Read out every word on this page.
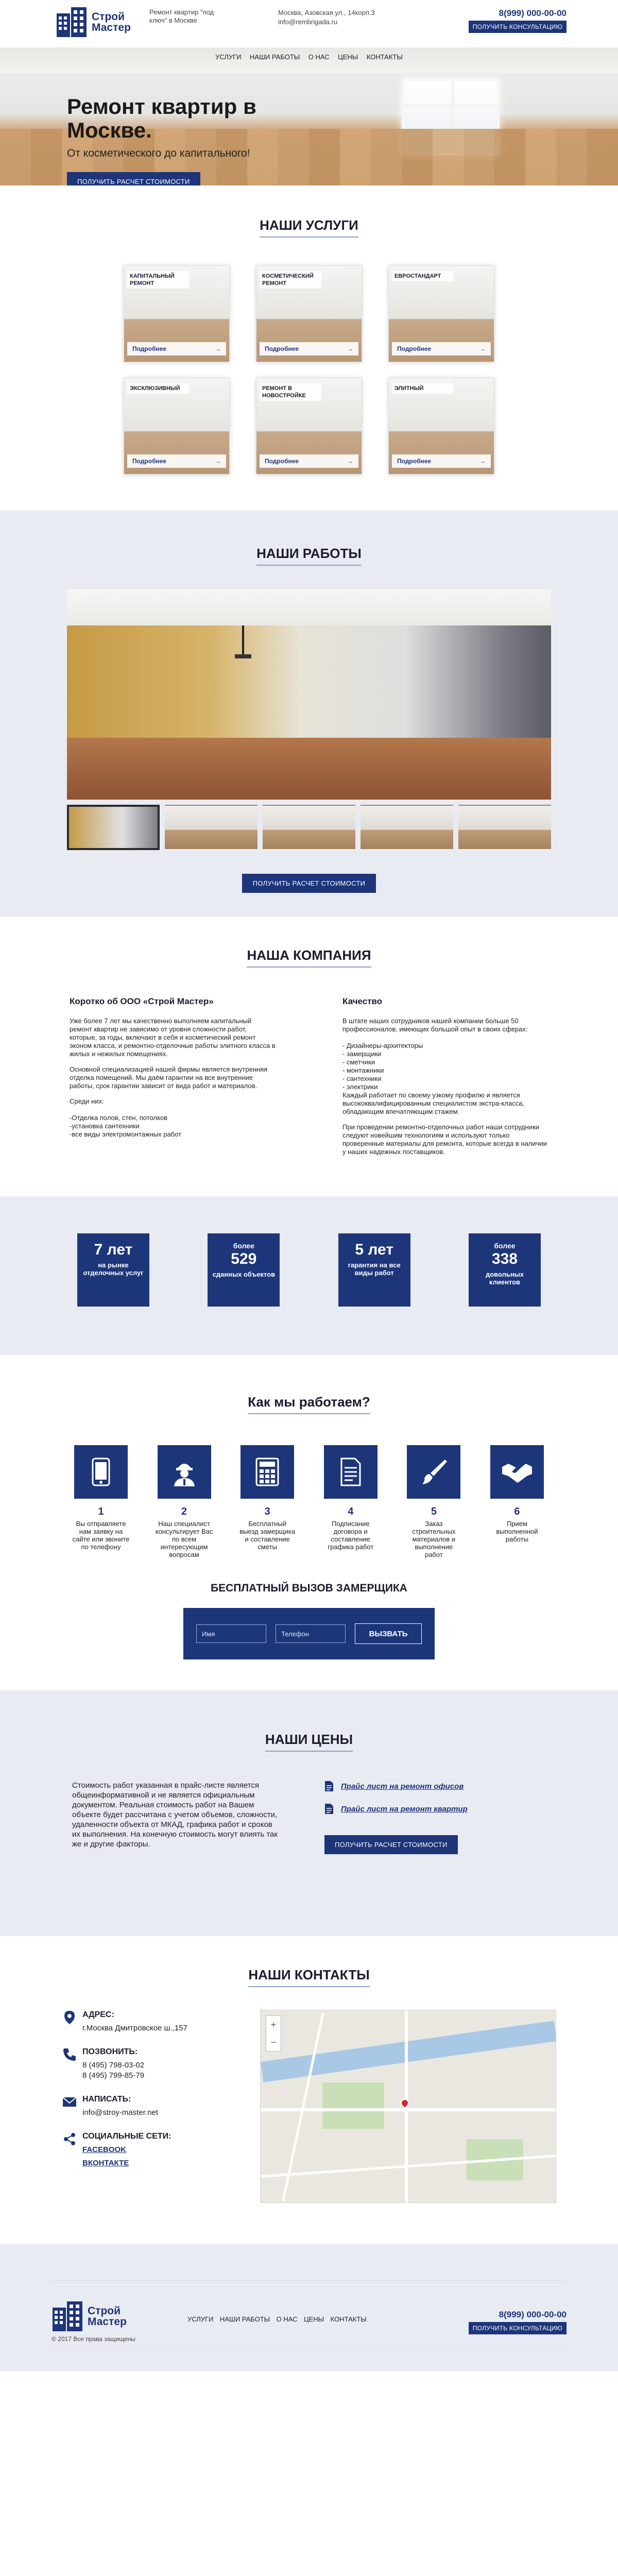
Строй
Мастер
Ремонт квартир "под ключ" в Москве
Москва, Азовская ул., 14корп.3
info@rembrigada.ru
8(999) 000-00-00
ПОЛУЧИТЬ КОНСУЛЬТАЦИЮ
УСЛУГИ НАШИ РАБОТЫ О НАС ЦЕНЫ КОНТАКТЫ
Ремонт квартир в Москве.

От косметического до капитального!

ПОЛУЧИТЬ РАСЧЕТ СТОИМОСТИ
НАШИ УСЛУГИ
КАПИТАЛЬНЫЙ РЕМОНТ
Подробнее	→
КОСМЕТИЧЕСКИЙ РЕМОНТ
Подробнее	→
ЕВРОСТАНДАРТ
Подробнее	→
ЭКСКЛЮЗИВНЫЙ
Подробнее	→
РЕМОНТ В НОВОСТРОЙКЕ
Подробнее	→
ЭЛИТНЫЙ
Подробнее	→
НАШИ РАБОТЫ
ПОЛУЧИТЬ РАСЧЕТ СТОИМОСТИ
НАША КОМПАНИЯ
Коротко об ООО «Строй Мастер»

Уже более 7 лет мы качественно выполняем капитальный ремонт квартир не зависимо от уровня сложности работ, которые, за годы, включают в себя и косметический ремонт эконом класса, и ремонтно-отделочные работы элитного класса в жилых и нежилых помещениях.

Основной специализацией нашей фирмы является внутренняя отделка помещений. Мы даём гарантии на все внутренние работы, срок гарантии зависит от вида работ и материалов.

Среди них:

-Отделка полов, стен, потолков
-установка сантехники
-все виды электромонтажных работ

Качество

В штате наших сотрудников нашей компании больше 50 профессионалов, имеющих большой опыт в своих сферах:

- Дизайнеры-архитекторы
- замерщики
- сметчики
- монтажники
- сантехники
- электрики
Каждый работает по своему узкому профилю и является высококвалифицированным специалистом экстра-класса, обладающим впечатляющим стажем.

При проведении ремонтно-отделочных работ наши сотрудники следуют новейшим технологиям и используют только проверенные материалы для ремонта, которые всегда в наличии у наших надежных поставщиков.

7 лет
на рынке отделочных услуг
более
529
сданных объектов
5 лет
гарантия на все виды работ
более
338
довольных клиентов
Как мы работаем?
1
Вы отправляете нам заявку на сайте или звоните по телефону
2
Наш специалист консультирует Вас по всем интересующим вопросам
3
Бесплатный выезд замерщика и составление сметы
4
Подписание договора и составление графика работ
5
Заказ строительных материалов и выполнение работ
6
Прием выполненной работы
БЕСПЛАТНЫЙ ВЫЗОВ ЗАМЕРЩИКА
Имя
Телефон
ВЫЗВАТЬ
НАШИ ЦЕНЫ
Стоимость работ указанная в прайс-листе является общеинформативной и не является официальным документом. Реальная стоимость работ на Вашем объекте будет рассчитана с учетом объемов, сложности, удаленности объекта от МКАД, графика работ и сроков их выполнения. На конечную стоимость могут влиять так же и другие факторы.
Прайс лист на ремонт офисов
Прайс лист на ремонт квартир
ПОЛУЧИТЬ РАСЧЕТ СТОИМОСТИ
НАШИ КОНТАКТЫ
АДРЕС:
г.Москва Дмитровское ш.,157
ПОЗВОНИТЬ:
8 (495) 798-03-02
8 (495) 799-85-79
НАПИСАТЬ:
info@stroy-master.net
СОЦИАЛЬНЫЕ СЕТИ:
FACEBOOK
ВКОНТАКТЕ
+
−
Строй
Мастер	УСЛУГИ НАШИ РАБОТЫ О НАС ЦЕНЫ КОНТАКТЫ	8(999) 000-00-00
ПОЛУЧИТЬ КОНСУЛЬТАЦИЮ
© 2017 Все права защищены
